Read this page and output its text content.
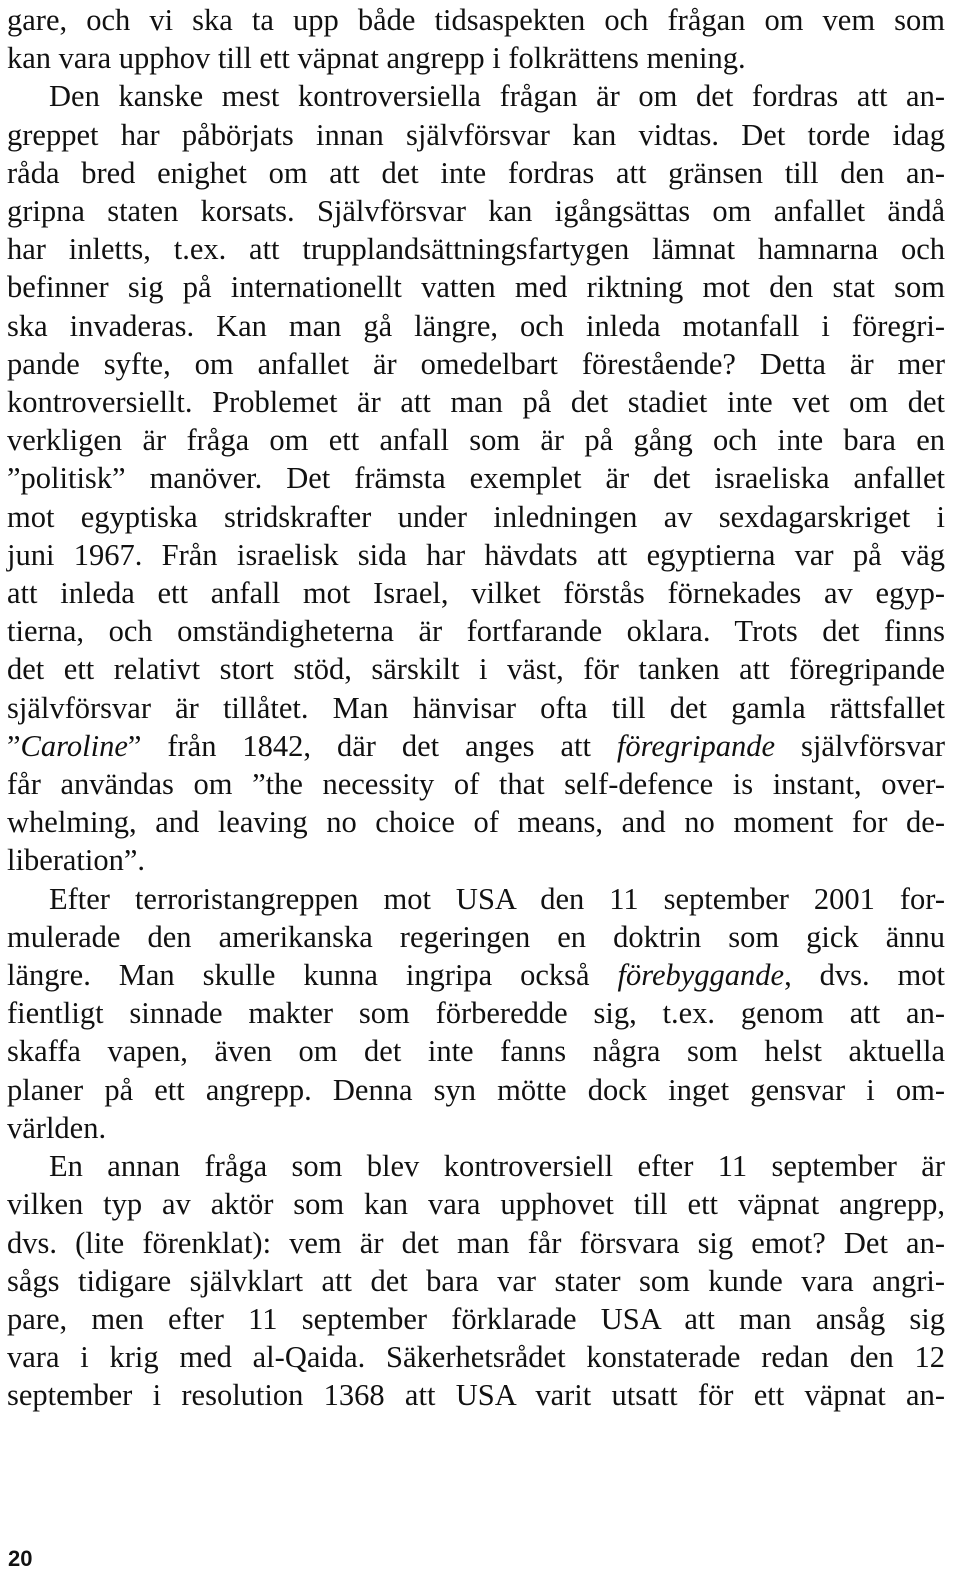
gare, och vi ska ta upp både tidsaspekten och frågan om vem som
kan vara upphov till ett väpnat angrepp i folkrättens mening.
Den kanske mest kontroversiella frågan är om det fordras att an-
greppet har påbörjats innan självförsvar kan vidtas. Det torde idag
råda bred enighet om att det inte fordras att gränsen till den an-
gripna staten korsats. Självförsvar kan igångsättas om anfallet ändå
har inletts, t.ex. att trupplandsättningsfartygen lämnat hamnarna och
befinner sig på internationellt vatten med riktning mot den stat som
ska invaderas. Kan man gå längre, och inleda motanfall i föregri-
pande syfte, om anfallet är omedelbart förestående? Detta är mer
kontroversiellt. Problemet är att man på det stadiet inte vet om det
verkligen är fråga om ett anfall som är på gång och inte bara en
”politisk” manöver. Det främsta exemplet är det israeliska anfallet
mot egyptiska stridskrafter under inledningen av sexdagarskriget i
juni 1967. Från israelisk sida har hävdats att egyptierna var på väg
att inleda ett anfall mot Israel, vilket förstås förnekades av egyp-
tierna, och omständigheterna är fortfarande oklara. Trots det finns
det ett relativt stort stöd, särskilt i väst, för tanken att föregripande
självförsvar är tillåtet. Man hänvisar ofta till det gamla rättsfallet
”Caroline” från 1842, där det anges att föregripande självförsvar
får användas om ”the necessity of that self-defence is instant, over-
whelming, and leaving no choice of means, and no moment for de-
liberation”.
Efter terroristangreppen mot USA den 11 september 2001 for-
mulerade den amerikanska regeringen en doktrin som gick ännu
längre. Man skulle kunna ingripa också förebyggande, dvs. mot
fientligt sinnade makter som förberedde sig, t.ex. genom att an-
skaffa vapen, även om det inte fanns några som helst aktuella
planer på ett angrepp. Denna syn mötte dock inget gensvar i om-
världen.
En annan fråga som blev kontroversiell efter 11 september är
vilken typ av aktör som kan vara upphovet till ett väpnat angrepp,
dvs. (lite förenklat): vem är det man får försvara sig emot? Det an-
sågs tidigare självklart att det bara var stater som kunde vara angri-
pare, men efter 11 september förklarade USA att man ansåg sig
vara i krig med al-Qaida. Säkerhetsrådet konstaterade redan den 12
september i resolution 1368 att USA varit utsatt för ett väpnat an-
20
